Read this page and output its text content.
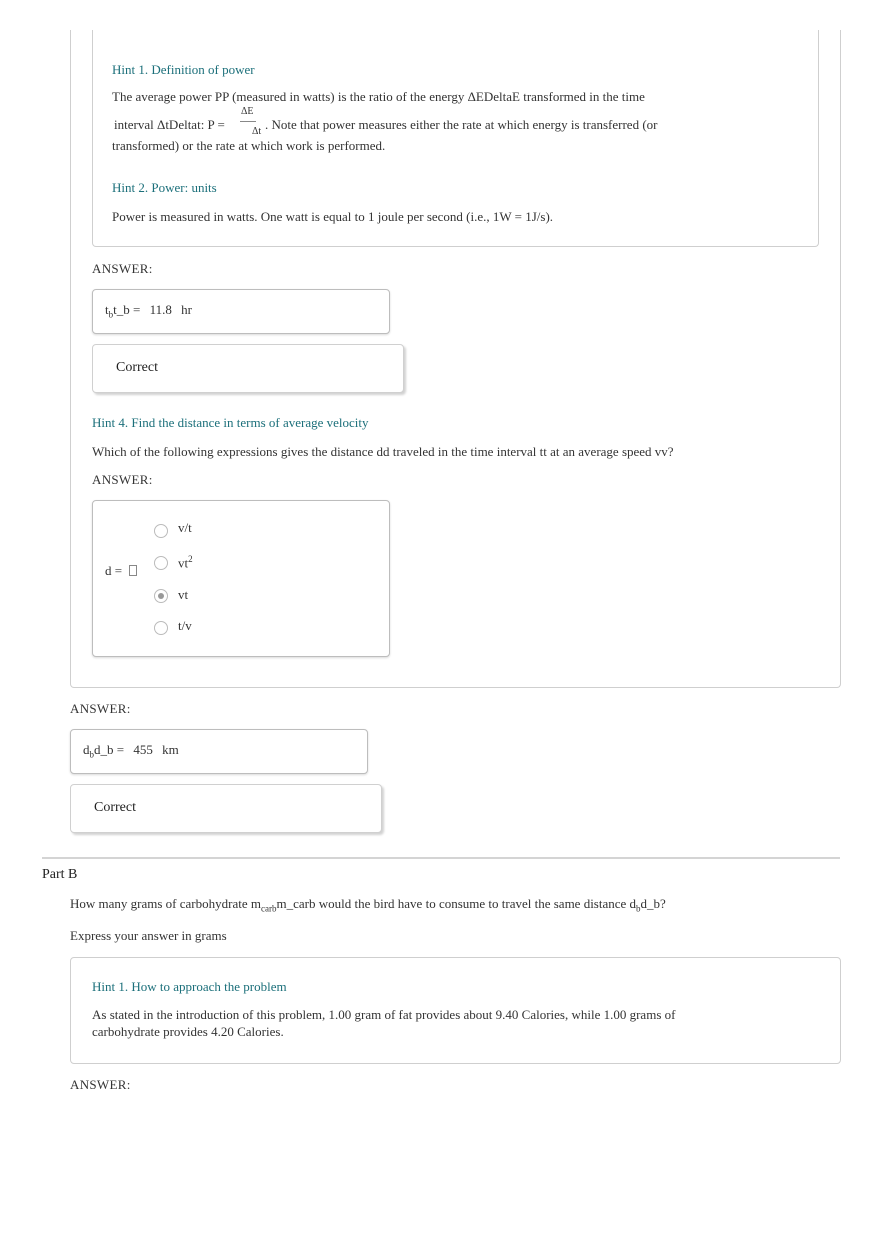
Hint 1. Definition of power
The average power PP (measured in watts) is the ratio of the energy ΔEDeltaE transformed in the time
interval ΔtDeltat: P =
ΔE
Δt . Note that power measures either the rate at which energy is transferred (or
transformed) or the rate at which work is performed.
Hint 2. Power: units
Power is measured in watts. One watt is equal to 1 joule per second (i.e., 1W = 1J/s).
ANSWER:
$t_bt\_b = 11.8$ hr
Correct
Hint 4. Find the distance in terms of average velocity
Which of the following expressions gives the distance dd traveled in the time interval tt at an average speed vv?
ANSWER:
d =
v/t
$vt^2$
vt
t/v
ANSWER:
$d_bd\_b = 455$ km
Correct
Part B
How many grams of carbohydrate $m_{carb}m\_carb$ would the bird have to consume to travel the same distance $d_bd\_b$?
Express your answer in grams
Hint 1. How to approach the problem
As stated in the introduction of this problem, 1.00 gram of fat provides about 9.40 Calories, while 1.00 grams of
carbohydrate provides 4.20 Calories.
ANSWER:
